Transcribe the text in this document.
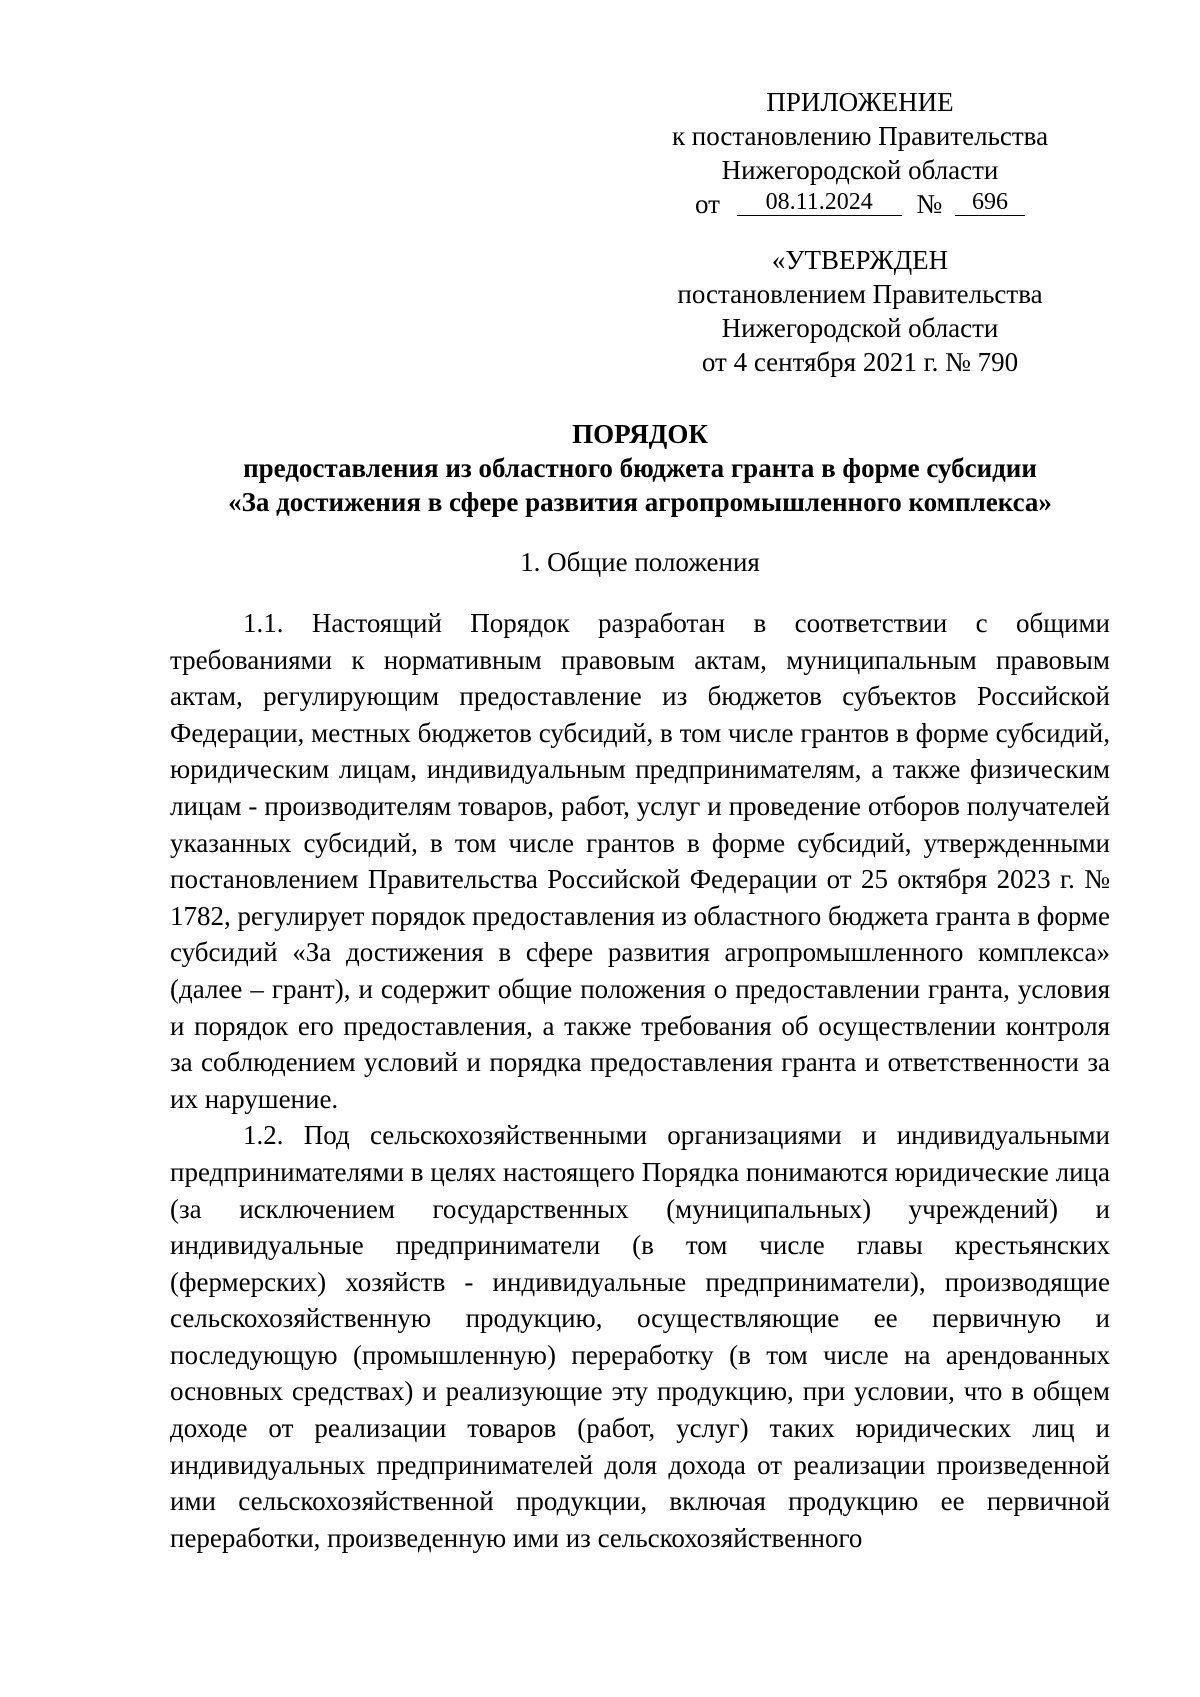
ПРИЛОЖЕНИЕ
к постановлению Правительства
Нижегородской области
от 08.11.2024 № 696
«УТВЕРЖДЕН
постановлением Правительства
Нижегородской области
от 4 сентября 2021 г. № 790
ПОРЯДОК
предоставления из областного бюджета гранта в форме субсидии
«За достижения в сфере развития агропромышленного комплекса»
1. Общие положения

1.1. Настоящий Порядок разработан в соответствии с общими требованиями к нормативным правовым актам, муниципальным правовым актам, регулирующим предоставление из бюджетов субъектов Российской Федерации, местных бюджетов субсидий, в том числе грантов в форме субсидий, юридическим лицам, индивидуальным предпринимателям, а также физическим лицам - производителям товаров, работ, услуг и проведение отборов получателей указанных субсидий, в том числе грантов в форме субсидий, утвержденными постановлением Правительства Российской Федерации от 25 октября 2023 г. № 1782, регулирует порядок предоставления из областного бюджета гранта в форме субсидий «За достижения в сфере развития агропромышленного комплекса» (далее – грант), и содержит общие положения о предоставлении гранта, условия и порядок его предоставления, а также требования об осуществлении контроля за соблюдением условий и порядка предоставления гранта и ответственности за их нарушение.

1.2. Под сельскохозяйственными организациями и индивидуальными предпринимателями в целях настоящего Порядка понимаются юридические лица (за исключением государственных (муниципальных) учреждений) и индивидуальные предприниматели (в том числе главы крестьянских (фермерских) хозяйств - индивидуальные предприниматели), производящие сельскохозяйственную продукцию, осуществляющие ее первичную и последующую (промышленную) переработку (в том числе на арендованных основных средствах) и реализующие эту продукцию, при условии, что в общем доходе от реализации товаров (работ, услуг) таких юридических лиц и индивидуальных предпринимателей доля дохода от реализации произведенной ими сельскохозяйственной продукции, включая продукцию ее первичной переработки, произведенную ими из сельскохозяйственного
